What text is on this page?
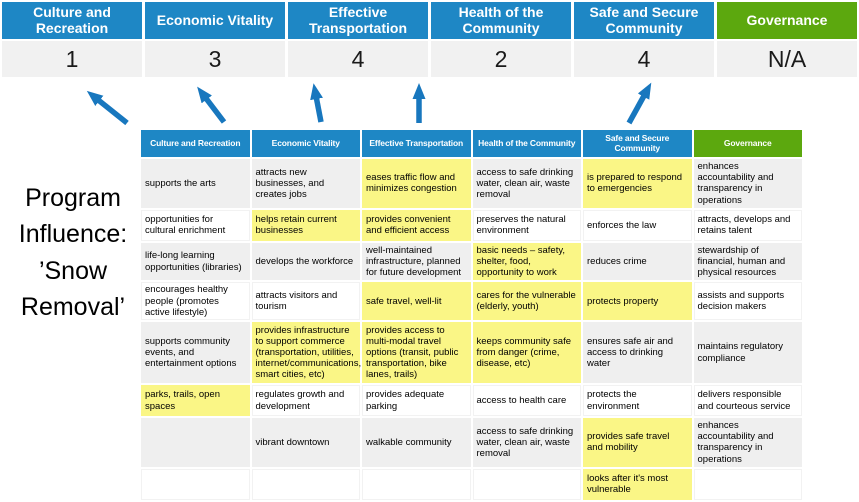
Culture and Recreation
1
Economic Vitality
3
Effective Transportation
4
Health of the Community
2
Safe and Secure Community
4
Governance
N/A
Program Influence: ’Snow Removal’
Culture and Recreation	Economic Vitality	Effective Transportation	Health of the Community	Safe and Secure Community	Governance
supports the arts	attracts new businesses, and creates jobs	eases traffic flow and minimizes congestion	access to safe drinking water, clean air, waste removal	is prepared to respond to emergencies	enhances accountability and transparency in operations
opportunities for cultural enrichment	helps retain current businesses	provides convenient and efficient access	preserves the natural environment	enforces the law	attracts, develops and retains talent
life-long learning opportunities (libraries)	develops the workforce	well-maintained infrastructure, planned for future development	basic needs – safety, shelter, food, opportunity to work	reduces crime	stewardship of financial, human and physical resources
encourages healthy people (promotes active lifestyle)	attracts visitors and tourism	safe travel, well-lit	cares for the vulnerable (elderly, youth)	protects property	assists and supports decision makers
supports community events, and entertainment options	provides infrastructure to support commerce (transportation, utilities, internet/communications, smart cities, etc)	provides access to multi-modal travel options (transit, public transportation, bike lanes, trails)	keeps community safe from danger (crime, disease, etc)	ensures safe air and access to drinking water	maintains regulatory compliance
parks, trails, open spaces	regulates growth and development	provides adequate parking	access to health care	protects the environment	delivers responsible and courteous service
	vibrant downtown	walkable community	access to safe drinking water, clean air, waste removal	provides safe travel and mobility	enhances accountability and transparency in operations
				looks after it's most vulnerable	
